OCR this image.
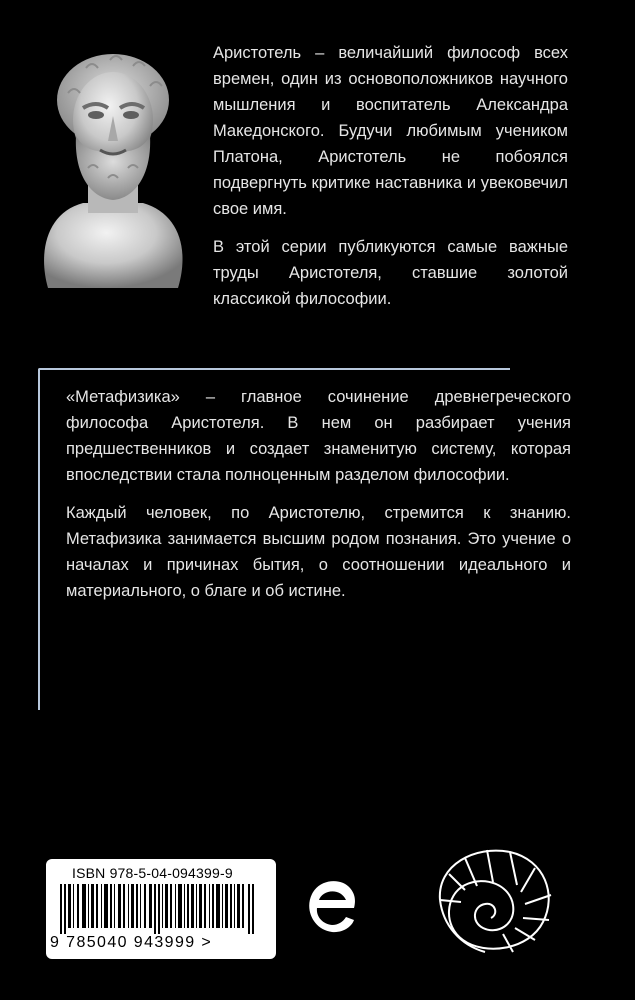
Аристотель – величайший философ всех времен, один из основоположников научного мышления и воспитатель Александра Македонского. Будучи любимым учеником Платона, Аристотель не побоялся подвергнуть критике наставника и увековечил свое имя.

В этой серии публикуются самые важные труды Аристотеля, ставшие золотой классикой философии.

«Метафизика» – главное сочинение древнегреческого философа Аристотеля. В нем он разбирает учения предшественников и создает знаменитую систему, которая впоследствии стала полноценным разделом философии.

Каждый человек, по Аристотелю, стремится к знанию. Метафизика занимается высшим родом познания. Это учение о началах и причинах бытия, о соотношении идеального и материального, о благе и об истине.

ISBN 978-5-04-094399-9
9 785040 943999 >
